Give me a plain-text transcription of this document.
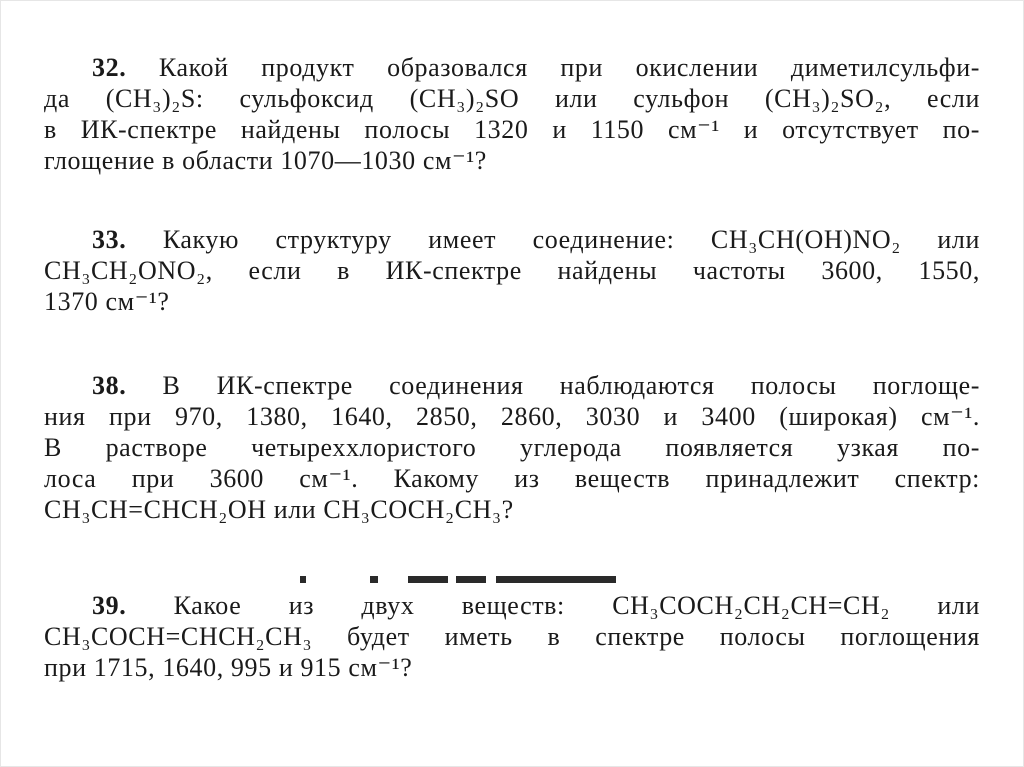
32. Какой продукт образовался при окислении диметилсульфи-
да (CH₃)₂S: сульфоксид (CH₃)₂SO или сульфон (CH₃)₂SO₂, если
в ИК-спектре найдены полосы 1320 и 1150 см⁻¹ и отсутствует по-
глощение в области 1070—1030 см⁻¹?
33. Какую структуру имеет соединение: CH₃CH(OH)NO₂ или
CH₃CH₂ONO₂, если в ИК-спектре найдены частоты 3600, 1550,
1370 см⁻¹?
38. В ИК-спектре соединения наблюдаются полосы поглоще-
ния при 970, 1380, 1640, 2850, 2860, 3030 и 3400 (широкая) см⁻¹.
В растворе четыреххлористого углерода появляется узкая по-
лоса при 3600 см⁻¹. Какому из веществ принадлежит спектр:
CH₃CH=CHCH₂OH или CH₃COCH₂CH₃?
39. Какое из двух веществ: CH₃COCH₂CH₂CH=CH₂ или
CH₃COCH=CHCH₂CH₃ будет иметь в спектре полосы поглощения
при 1715, 1640, 995 и 915 см⁻¹?
